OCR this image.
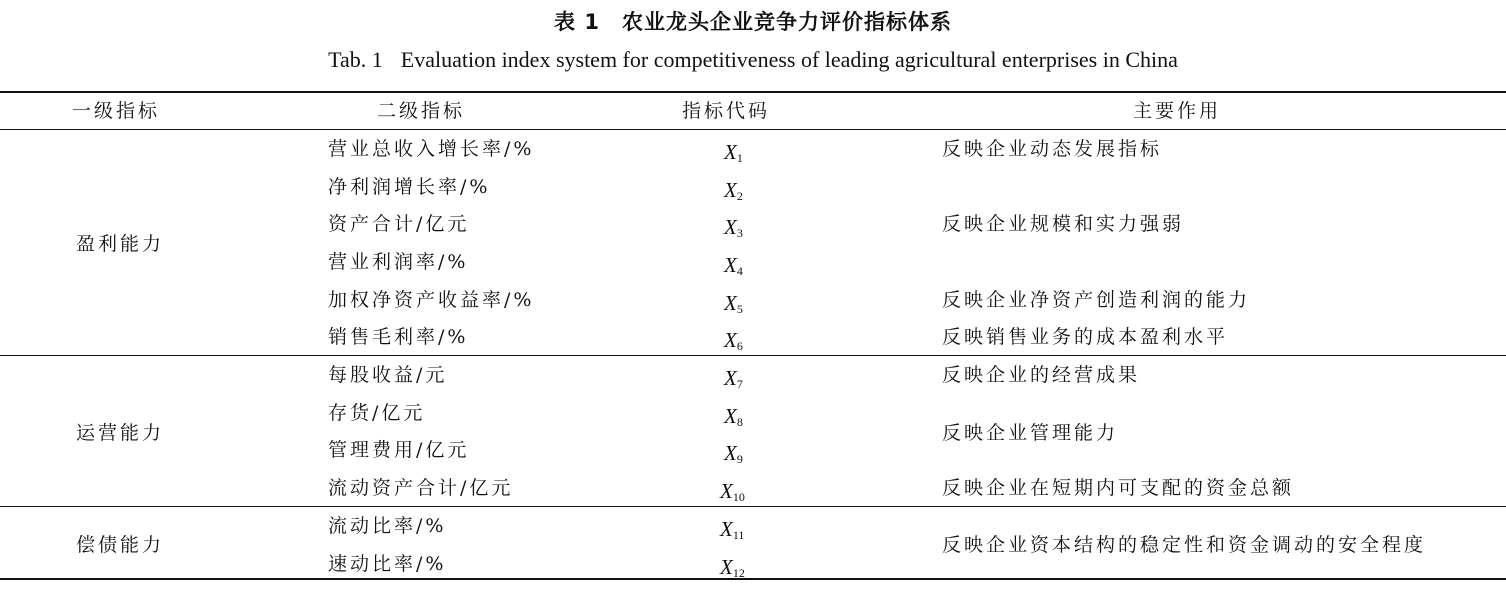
表 1 农业龙头企业竞争力评价指标体系
Tab. 1 Evaluation index system for competitiveness of leading agricultural enterprises in China
一级指标	二级指标	指标代码	主要作用
盈利能力
营业总收入增长率/%	$X_1$	反映企业动态发展指标
净利润增长率/%	$X_2$
资产合计/亿元	$X_3$	反映企业规模和实力强弱
营业利润率/%	$X_4$
加权净资产收益率/%	$X_5$	反映企业净资产创造利润的能力
销售毛利率/%	$X_6$	反映销售业务的成本盈利水平
运营能力
每股收益/元	$X_7$	反映企业的经营成果
存货/亿元	$X_8$	反映企业管理能力
管理费用/亿元	$X_9$
流动资产合计/亿元	$X_{10}$	反映企业在短期内可支配的资金总额
偿债能力
流动比率/%	$X_{11}$	反映企业资本结构的稳定性和资金调动的安全程度
速动比率/%	$X_{12}$
